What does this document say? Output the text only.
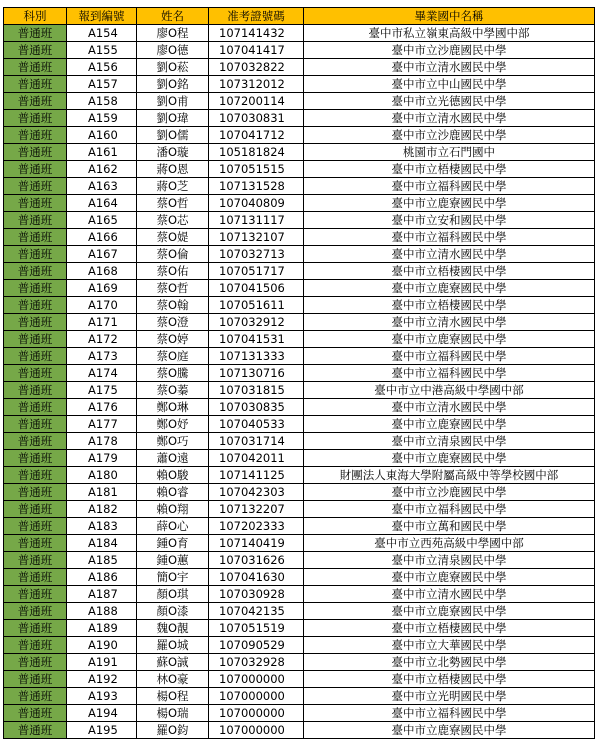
科別	報到編號	姓名	准考證號碼	畢業國中名稱
普通班	A154	廖O程	107141432	臺中市私立嶺東高級中學國中部
普通班	A155	廖O德	107041417	臺中市立沙鹿國民中學
普通班	A156	劉O菘	107032822	臺中市立清水國民中學
普通班	A157	劉O銘	107312012	臺中市立中山國民中學
普通班	A158	劉O甫	107200114	臺中市立光德國民中學
普通班	A159	劉O瑋	107030831	臺中市立清水國民中學
普通班	A160	劉O儒	107041712	臺中市立沙鹿國民中學
普通班	A161	潘O璇	105181824	桃園市立石門國中
普通班	A162	蔣O恩	107051515	臺中市立梧棲國民中學
普通班	A163	蔣O芝	107131528	臺中市立福科國民中學
普通班	A164	蔡O哲	107040809	臺中市立鹿寮國民中學
普通班	A165	蔡O芯	107131117	臺中市立安和國民中學
普通班	A166	蔡O媞	107132107	臺中市立福科國民中學
普通班	A167	蔡O倫	107032713	臺中市立清水國民中學
普通班	A168	蔡O佑	107051717	臺中市立梧棲國民中學
普通班	A169	蔡O哲	107041506	臺中市立鹿寮國民中學
普通班	A170	蔡O翰	107051611	臺中市立梧棲國民中學
普通班	A171	蔡O澄	107032912	臺中市立清水國民中學
普通班	A172	蔡O婷	107041531	臺中市立鹿寮國民中學
普通班	A173	蔡O庭	107131333	臺中市立福科國民中學
普通班	A174	蔡O騰	107130716	臺中市立福科國民中學
普通班	A175	蔡O蓁	107031815	臺中市立中港高級中學國中部
普通班	A176	鄭O琳	107030835	臺中市立清水國民中學
普通班	A177	鄭O妤	107040533	臺中市立鹿寮國民中學
普通班	A178	鄭O巧	107031714	臺中市立清泉國民中學
普通班	A179	蕭O遠	107042011	臺中市立鹿寮國民中學
普通班	A180	賴O駿	107141125	財團法人東海大學附屬高級中等學校國中部
普通班	A181	賴O睿	107042303	臺中市立沙鹿國民中學
普通班	A182	賴O翔	107132207	臺中市立福科國民中學
普通班	A183	薛O心	107202333	臺中市立萬和國民中學
普通班	A184	鍾O育	107140419	臺中市立西苑高級中學國中部
普通班	A185	鍾O蕙	107031626	臺中市立清泉國民中學
普通班	A186	簡O宇	107041630	臺中市立鹿寮國民中學
普通班	A187	顏O琪	107030928	臺中市立清水國民中學
普通班	A188	顏O漆	107042135	臺中市立鹿寮國民中學
普通班	A189	魏O靚	107051519	臺中市立梧棲國民中學
普通班	A190	羅O城	107090529	臺中市立大華國民中學
普通班	A191	蘇O誠	107032928	臺中市立北勢國民中學
普通班	A192	林O豪	107000000	臺中市立梧棲國民中學
普通班	A193	楊O程	107000000	臺中市立光明國民中學
普通班	A194	楊O瑞	107000000	臺中市立福科國民中學
普通班	A195	羅O鈞	107000000	臺中市立鹿寮國民中學
